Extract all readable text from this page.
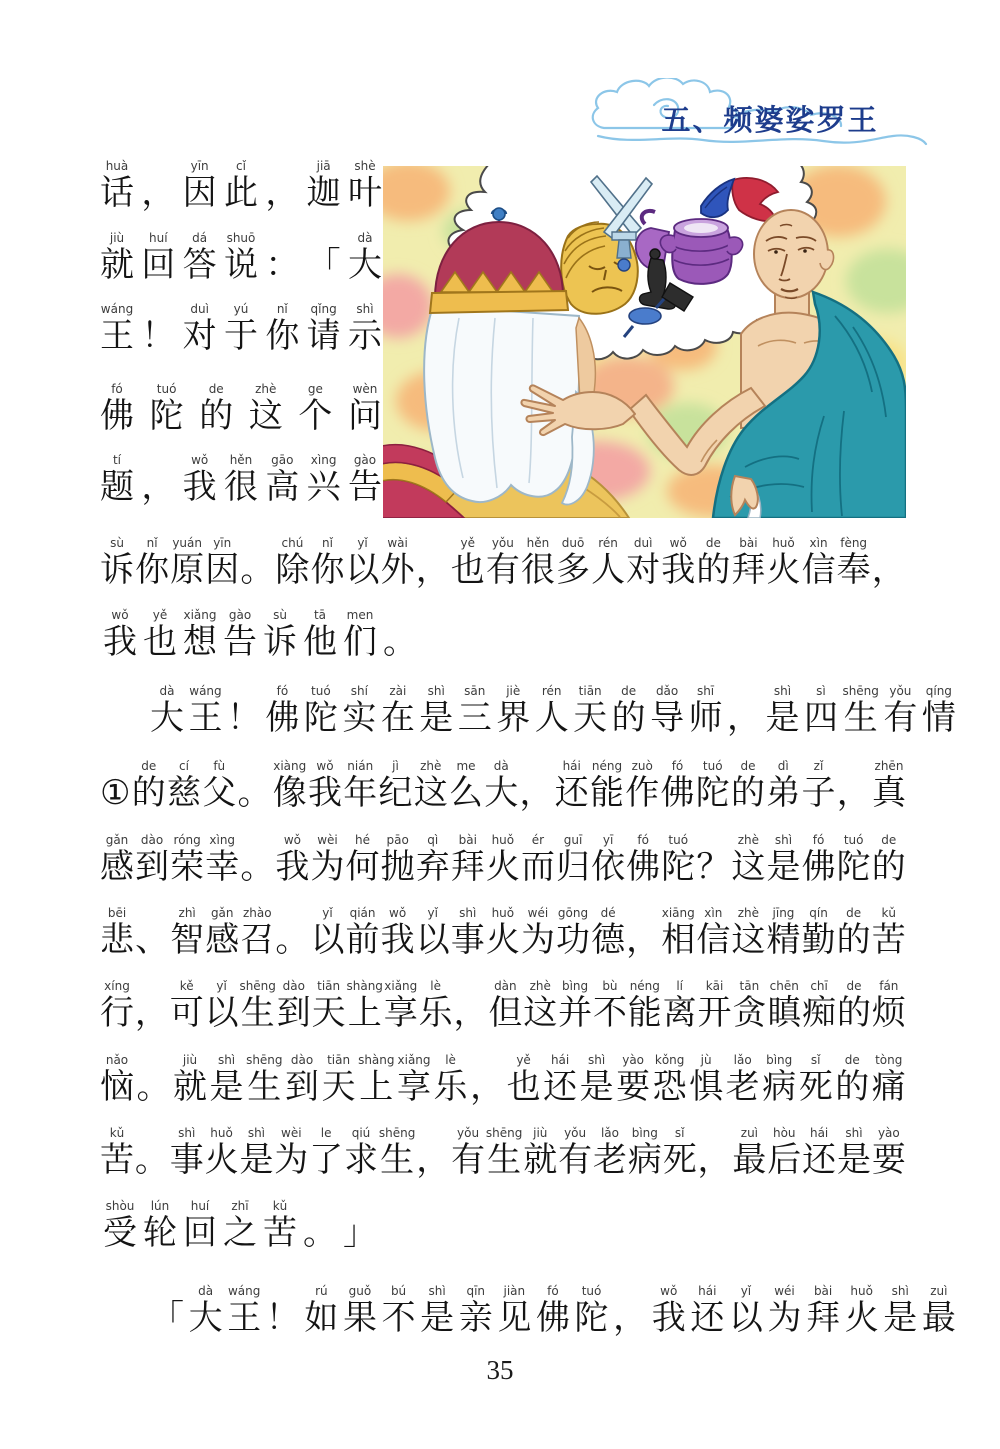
五、频婆娑罗王
huà
话 ，
yīn
因
cǐ
此 ，
jiā
迦
shè
叶
jiù
就
huí
回
dá
答
shuō
说 ： 「
dà
大
wáng
王 ！
duì
对
yú
于
nǐ
你
qǐng
请
shì
示
fó
佛
tuó
陀
de
的
zhè
这
ge
个
wèn
问
tí
题 ，
wǒ
我
hěn
很
gāo
高
xìng
兴
gào
告
sù
诉
nǐ
你
yuán
原
yīn
因 。
chú
除
nǐ
你
yǐ
以
wài
外 ，
yě
也
yǒu
有
hěn
很
duō
多
rén
人
duì
对
wǒ
我
de
的
bài
拜
huǒ
火
xìn
信
fèng
奉 ，
wǒ
我
yě
也
xiǎng
想
gào
告
sù
诉
tā
他
men
们 。
dà
大
wáng
王 ！
fó
佛
tuó
陀
shí
实
zài
在
shì
是
sān
三
jiè
界
rén
人
tiān
天
de
的
dǎo
导
shī
师 ，
shì
是
sì
四
shēng
生
yǒu
有
qíng
情
①
de
的
cí
慈
fù
父 。
xiàng
像
wǒ
我
nián
年
jì
纪
zhè
这
me
么
dà
大 ，
hái
还
néng
能
zuò
作
fó
佛
tuó
陀
de
的
dì
弟
zǐ
子 ，
zhēn
真
gǎn
感
dào
到
róng
荣
xìng
幸 。
wǒ
我
wèi
为
hé
何
pāo
抛
qì
弃
bài
拜
huǒ
火
ér
而
guī
归
yī
依
fó
佛
tuó
陀 ？
zhè
这
shì
是
fó
佛
tuó
陀
de
的
bēi
悲 、
zhì
智
gǎn
感
zhào
召 。
yǐ
以
qián
前
wǒ
我
yǐ
以
shì
事
huǒ
火
wéi
为
gōng
功
dé
德 ，
xiāng
相
xìn
信
zhè
这
jīng
精
qín
勤
de
的
kǔ
苦
xíng
行 ，
kě
可
yǐ
以
shēng
生
dào
到
tiān
天
shàng
上
xiǎng
享
lè
乐 ，
dàn
但
zhè
这
bìng
并
bù
不
néng
能
lí
离
kāi
开
tān
贪
chēn
瞋
chī
痴
de
的
fán
烦
nǎo
恼 。
jiù
就
shì
是
shēng
生
dào
到
tiān
天
shàng
上
xiǎng
享
lè
乐 ，
yě
也
hái
还
shì
是
yào
要
kǒng
恐
jù
惧
lǎo
老
bìng
病
sǐ
死
de
的
tòng
痛
kǔ
苦 。
shì
事
huǒ
火
shì
是
wèi
为
le
了
qiú
求
shēng
生 ，
yǒu
有
shēng
生
jiù
就
yǒu
有
lǎo
老
bìng
病
sǐ
死 ，
zuì
最
hòu
后
hái
还
shì
是
yào
要
shòu
受
lún
轮
huí
回
zhī
之
kǔ
苦 。 」
「
dà
大
wáng
王 ！
rú
如
guǒ
果
bú
不
shì
是
qīn
亲
jiàn
见
fó
佛
tuó
陀 ，
wǒ
我
hái
还
yǐ
以
wéi
为
bài
拜
huǒ
火
shì
是
zuì
最
35
